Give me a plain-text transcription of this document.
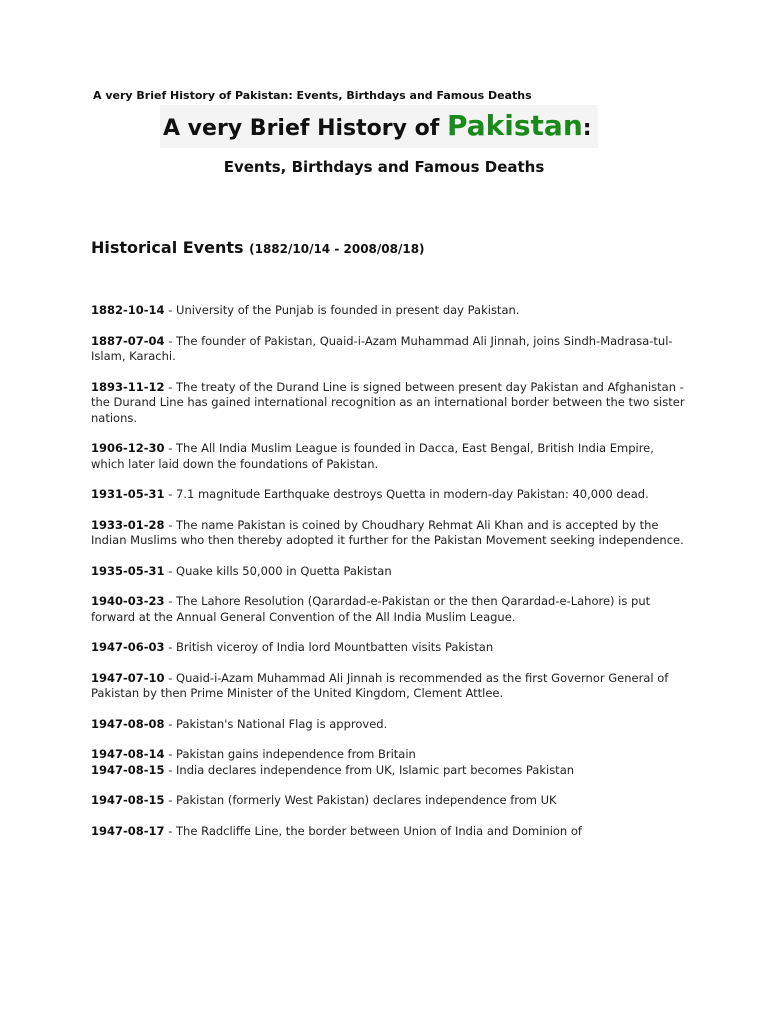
A very Brief History of Pakistan: Events, Birthdays and Famous Deaths
A very Brief History of Pakistan:
Events, Birthdays and Famous Deaths
Historical Events (1882/10/14 - 2008/08/18)
1882-10-14 - University of the Punjab is founded in present day Pakistan.
1887-07-04 - The founder of Pakistan, Quaid-i-Azam Muhammad Ali Jinnah, joins Sindh-Madrasa-tul-Islam, Karachi.
1893-11-12 - The treaty of the Durand Line is signed between present day Pakistan and Afghanistan - the Durand Line has gained international recognition as an international border between the two sister nations.
1906-12-30 - The All India Muslim League is founded in Dacca, East Bengal, British India Empire, which later laid down the foundations of Pakistan.
1931-05-31 - 7.1 magnitude Earthquake destroys Quetta in modern-day Pakistan: 40,000 dead.
1933-01-28 - The name Pakistan is coined by Choudhary Rehmat Ali Khan and is accepted by the Indian Muslims who then thereby adopted it further for the Pakistan Movement seeking independence.
1935-05-31 - Quake kills 50,000 in Quetta Pakistan
1940-03-23 - The Lahore Resolution (Qarardad-e-Pakistan or the then Qarardad-e-Lahore) is put forward at the Annual General Convention of the All India Muslim League.
1947-06-03 - British viceroy of India lord Mountbatten visits Pakistan
1947-07-10 - Quaid-i-Azam Muhammad Ali Jinnah is recommended as the first Governor General of Pakistan by then Prime Minister of the United Kingdom, Clement Attlee.
1947-08-08 - Pakistan's National Flag is approved.
1947-08-14 - Pakistan gains independence from Britain
1947-08-15 - India declares independence from UK, Islamic part becomes Pakistan
1947-08-15 - Pakistan (formerly West Pakistan) declares independence from UK
1947-08-17 - The Radcliffe Line, the border between Union of India and Dominion of
